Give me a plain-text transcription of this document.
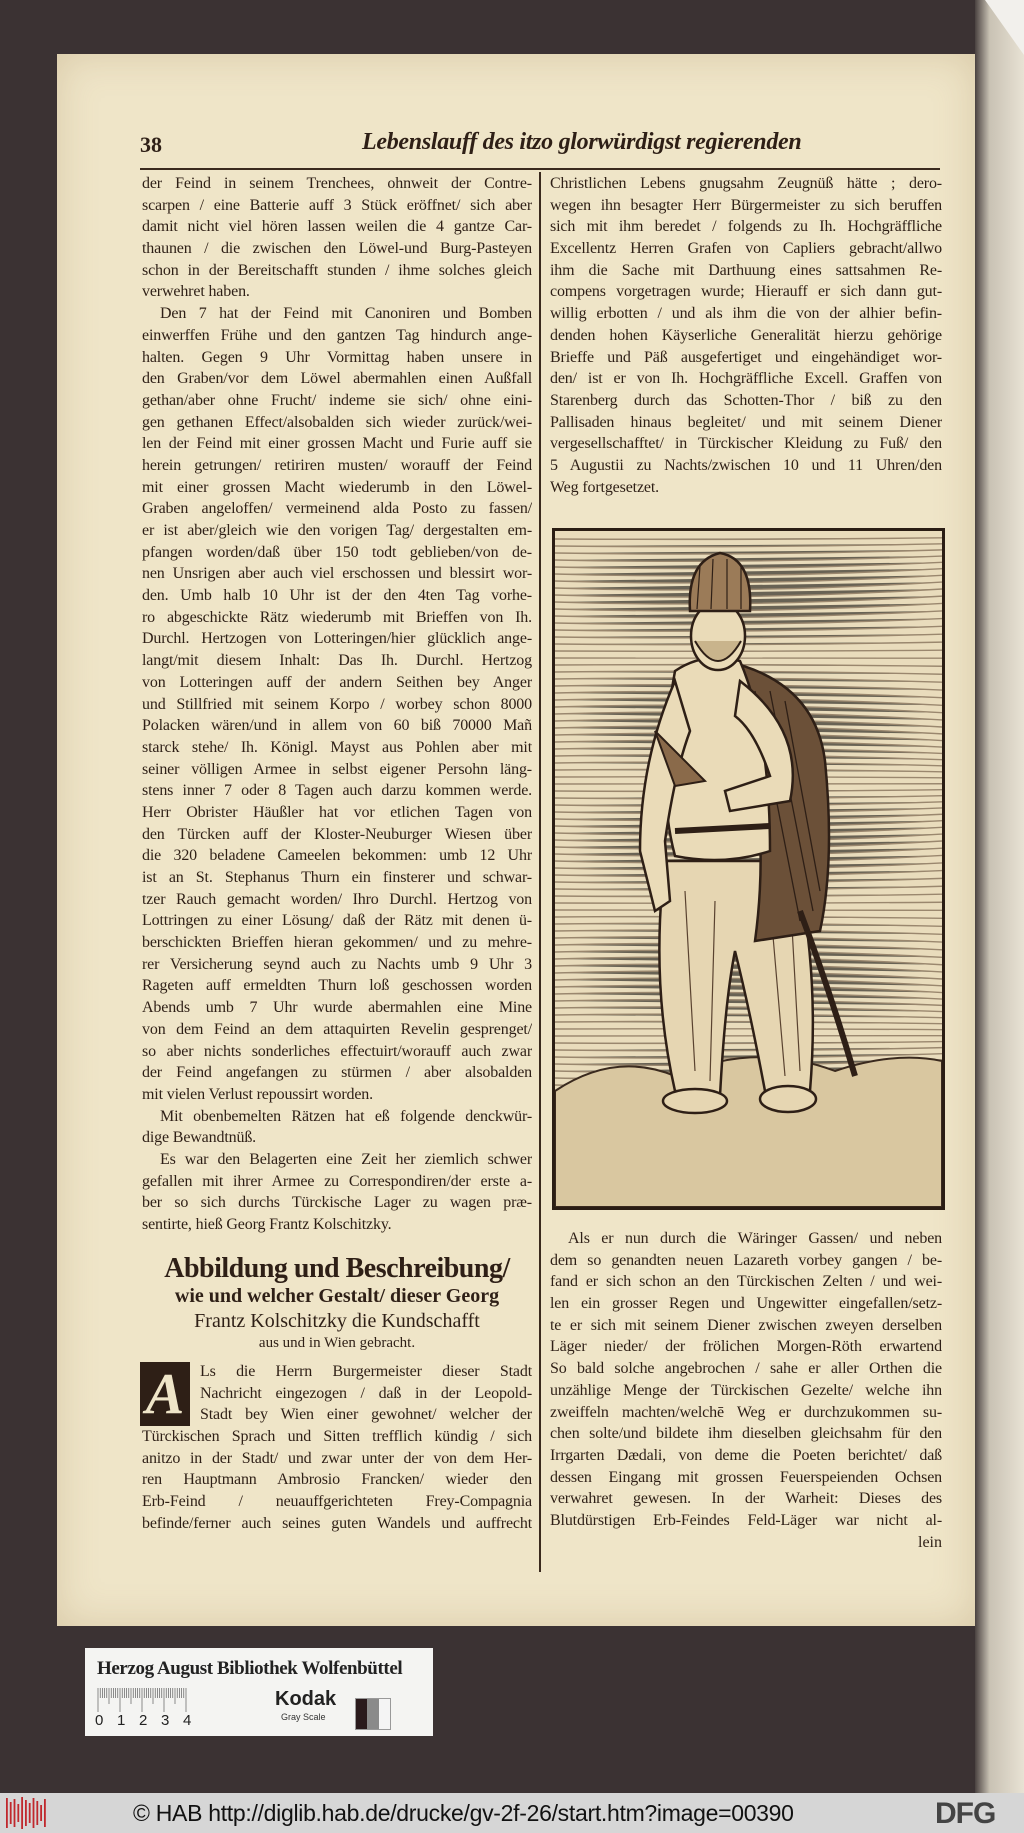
38	Lebenslauff des itzo glorwürdigst regierenden
der Feind in seinem Trenchees, ohnweit der Contre-
scarpen / eine Batterie auff 3 Stück eröffnet/ sich aber
damit nicht viel hören lassen weilen die 4 gantze Car-
thaunen / die zwischen den Löwel-und Burg-Pasteyen
schon in der Bereitschafft stunden / ihme solches gleich
verwehret haben.
Den 7 hat der Feind mit Canoniren und Bomben
einwerffen Frühe und den gantzen Tag hindurch ange-
halten. Gegen 9 Uhr Vormittag haben unsere in
den Graben/vor dem Löwel abermahlen einen Außfall
gethan/aber ohne Frucht/ indeme sie sich/ ohne eini-
gen gethanen Effect/alsobalden sich wieder zurück/wei-
len der Feind mit einer grossen Macht und Furie auff sie
herein getrungen/ retiriren musten/ worauff der Feind
mit einer grossen Macht wiederumb in den Löwel-
Graben angeloffen/ vermeinend alda Posto zu fassen/
er ist aber/gleich wie den vorigen Tag/ dergestalten em-
pfangen worden/daß über 150 todt geblieben/von de-
nen Unsrigen aber auch viel erschossen und blessirt wor-
den. Umb halb 10 Uhr ist der den 4ten Tag vorhe-
ro abgeschickte Rätz wiederumb mit Brieffen von Ih.
Durchl. Hertzogen von Lotteringen/hier glücklich ange-
langt/mit diesem Inhalt: Das Ih. Durchl. Hertzog
von Lotteringen auff der andern Seithen bey Anger
und Stillfried mit seinem Korpo / worbey schon 8000
Polacken wären/und in allem von 60 biß 70000 Mañ
starck stehe/ Ih. Königl. Mayst aus Pohlen aber mit
seiner völligen Armee in selbst eigener Persohn läng-
stens inner 7 oder 8 Tagen auch darzu kommen werde.
Herr Obrister Häußler hat vor etlichen Tagen von
den Türcken auff der Kloster-Neuburger Wiesen über
die 320 beladene Cameelen bekommen: umb 12 Uhr
ist an St. Stephanus Thurn ein finsterer und schwar-
tzer Rauch gemacht worden/ Ihro Durchl. Hertzog von
Lottringen zu einer Lösung/ daß der Rätz mit denen ü-
berschickten Brieffen hieran gekommen/ und zu mehre-
rer Versicherung seynd auch zu Nachts umb 9 Uhr 3
Rageten auff ermeldten Thurn loß geschossen worden
Abends umb 7 Uhr wurde abermahlen eine Mine
von dem Feind an dem attaquirten Revelin gesprenget/
so aber nichts sonderliches effectuirt/worauff auch zwar
der Feind angefangen zu stürmen / aber alsobalden
mit vielen Verlust repoussirt worden.
Mit obenbemelten Rätzen hat eß folgende denckwür-
dige Bewandtnüß.
Es war den Belagerten eine Zeit her ziemlich schwer
gefallen mit ihrer Armee zu Correspondiren/der erste a-
ber so sich durchs Türckische Lager zu wagen præ-
sentirte, hieß Georg Frantz Kolschitzky.
Abbildung und Beschreibung/
wie und welcher Gestalt/ dieser Georg
Frantz Kolschitzky die Kundschafft
aus und in Wien gebracht.
A Ls die Herrn Burgermeister dieser Stadt
Nachricht eingezogen / daß in der Leopold-
Stadt bey Wien einer gewohnet/ welcher der
Türckischen Sprach und Sitten trefflich kündig / sich
anitzo in der Stadt/ und zwar unter der von dem Her-
ren Hauptmann Ambrosio Francken/ wieder den
Erb-Feind / neuauffgerichteten Frey-Compagnia
befinde/ferner auch seines guten Wandels und auffrecht
Christlichen Lebens gnugsahm Zeugnüß hätte ; dero-
wegen ihn besagter Herr Bürgermeister zu sich beruffen
sich mit ihm beredet / folgends zu Ih. Hochgräffliche
Excellentz Herren Grafen von Capliers gebracht/allwo
ihm die Sache mit Darthuung eines sattsahmen Re-
compens vorgetragen wurde; Hierauff er sich dann gut-
willig erbotten / und als ihm die von der alhier befin-
denden hohen Käyserliche Generalität hierzu gehörige
Brieffe und Päß ausgefertiget und eingehändiget wor-
den/ ist er von Ih. Hochgräffliche Excell. Graffen von
Starenberg durch das Schotten-Thor / biß zu den
Pallisaden hinaus begleitet/ und mit seinem Diener
vergesellschafftet/ in Türckischer Kleidung zu Fuß/ den
5 Augustii zu Nachts/zwischen 10 und 11 Uhren/den
Weg fortgesetzet.
Als er nun durch die Wäringer Gassen/ und neben
dem so genandten neuen Lazareth vorbey gangen / be-
fand er sich schon an den Türckischen Zelten / und wei-
len ein grosser Regen und Ungewitter eingefallen/setz-
te er sich mit seinem Diener zwischen zweyen derselben
Läger nieder/ der frölichen Morgen-Röth erwartend
So bald solche angebrochen / sahe er aller Orthen die
unzählige Menge der Türckischen Gezelte/ welche ihn
zweiffeln machten/welchē Weg er durchzukommen su-
chen solte/und bildete ihm dieselben gleichsahm für den
Irrgarten Dædali, von deme die Poeten berichtet/ daß
dessen Eingang mit grossen Feuerspeienden Ochsen
verwahret gewesen. In der Warheit: Dieses des
Blutdürstigen Erb-Feindes Feld-Läger war nicht al-
lein
Herzog August Bibliothek Wolfenbüttel
0 1 2 3 4
Kodak
Gray Scale
© HAB http://diglib.hab.de/drucke/gv-2f-26/start.htm?image=00390	DFG
